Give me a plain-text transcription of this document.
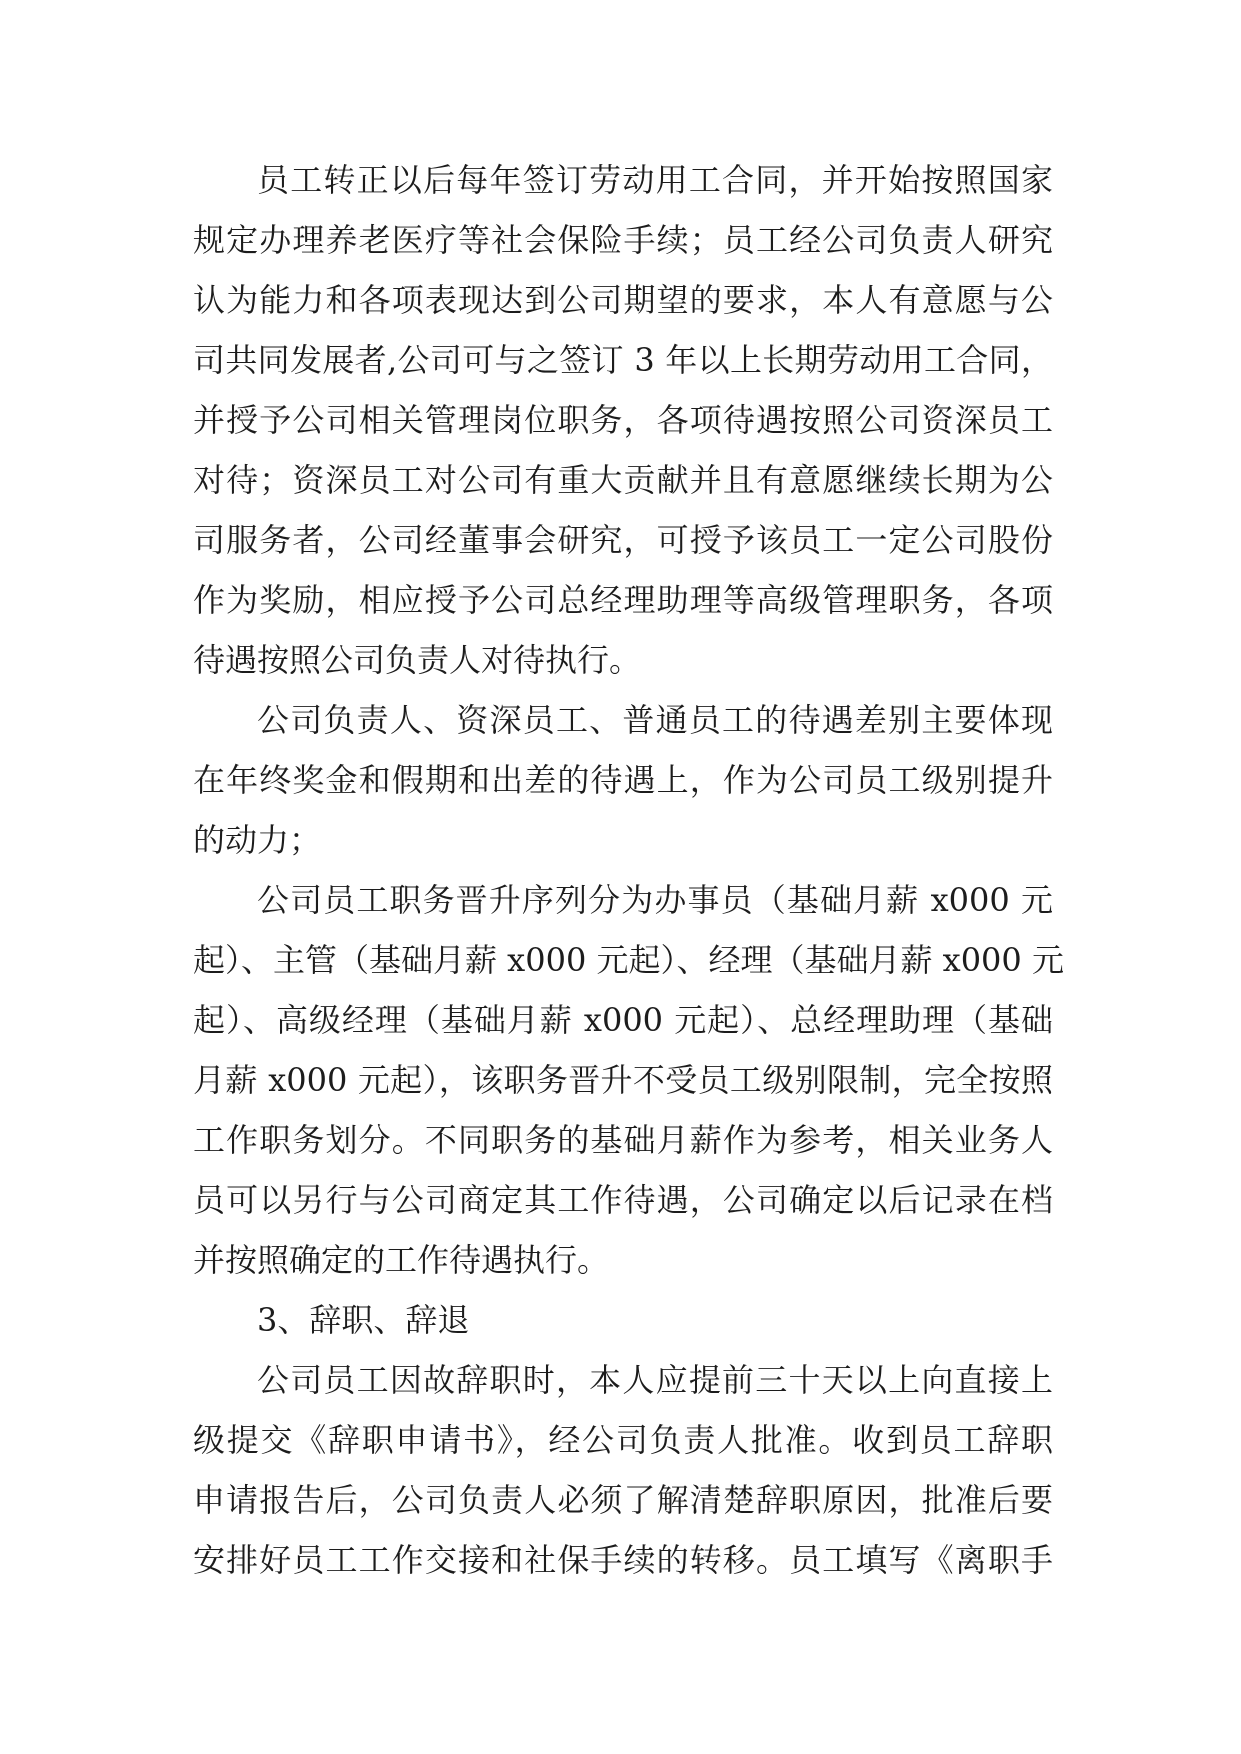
员工转正以后每年签订劳动用工合同，并开始按照国家
规定办理养老医疗等社会保险手续；员工经公司负责人研究
认为能力和各项表现达到公司期望的要求，本人有意愿与公
司共同发展者,公司可与之签订 3 年以上长期劳动用工合同，
并授予公司相关管理岗位职务，各项待遇按照公司资深员工
对待；资深员工对公司有重大贡献并且有意愿继续长期为公
司服务者，公司经董事会研究，可授予该员工一定公司股份
作为奖励，相应授予公司总经理助理等高级管理职务，各项
待遇按照公司负责人对待执行。
公司负责人、资深员工、普通员工的待遇差别主要体现
在年终奖金和假期和出差的待遇上，作为公司员工级别提升
的动力；
公司员工职务晋升序列分为办事员（基础月薪 x000 元
起）、主管（基础月薪 x000 元起）、经理（基础月薪 x000 元
起）、高级经理（基础月薪 x000 元起）、总经理助理（基础
月薪 x000 元起），该职务晋升不受员工级别限制，完全按照
工作职务划分。不同职务的基础月薪作为参考，相关业务人
员可以另行与公司商定其工作待遇，公司确定以后记录在档
并按照确定的工作待遇执行。
3、辞职、辞退
公司员工因故辞职时，本人应提前三十天以上向直接上
级提交《辞职申请书》，经公司负责人批准。收到员工辞职
申请报告后，公司负责人必须了解清楚辞职原因，批准后要
安排好员工工作交接和社保手续的转移。员工填写《离职手
